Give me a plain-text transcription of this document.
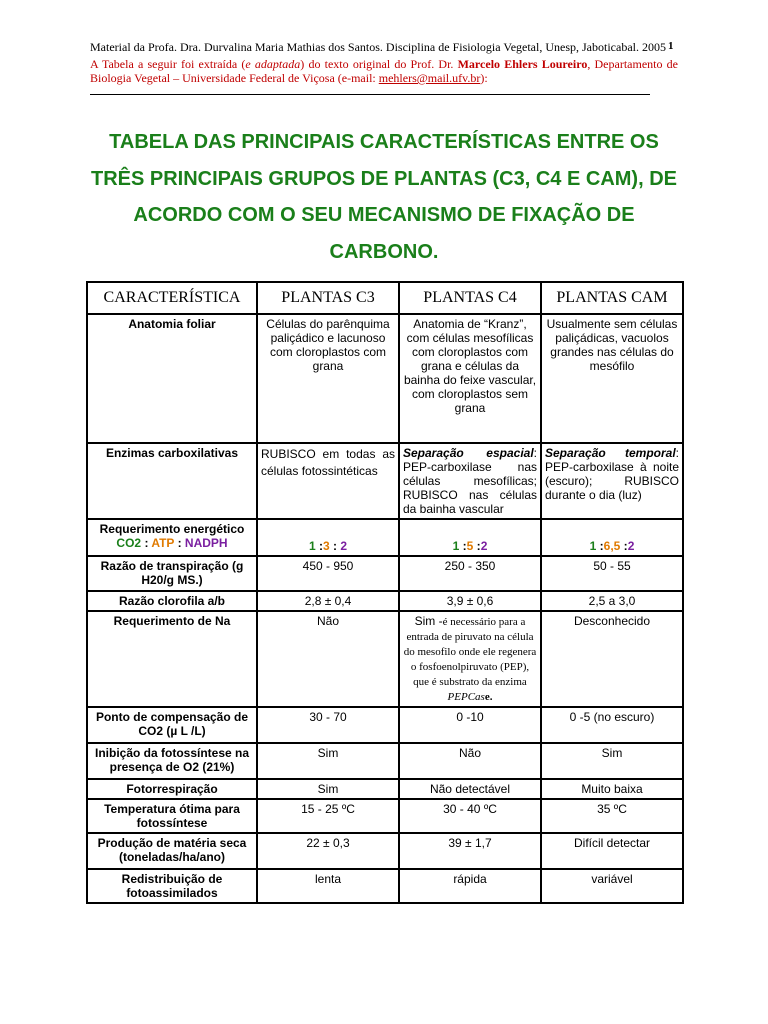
Material da Profa. Dra. Durvalina Maria Mathias dos Santos. Disciplina de Fisiologia Vegetal, Unesp, Jaboticabal. 2005 1
A Tabela a seguir foi extraída (e adaptada) do texto original do Prof. Dr. Marcelo Ehlers Loureiro, Departamento de Biologia Vegetal – Universidade Federal de Viçosa (e-mail: mehlers@mail.ufv.br):
TABELA DAS PRINCIPAIS CARACTERÍSTICAS ENTRE OS TRÊS PRINCIPAIS GRUPOS DE PLANTAS (C3, C4 E CAM), DE ACORDO COM O SEU MECANISMO DE FIXAÇÃO DE CARBONO.
CARACTERÍSTICA	PLANTAS C3	PLANTAS C4	PLANTAS CAM
Anatomia foliar	Células do parênquima paliçádico e lacunoso com cloroplastos com grana	Anatomia de “Kranz”, com células mesofílicas com cloroplastos com grana e células da bainha do feixe vascular, com cloroplastos sem grana	Usualmente sem células paliçádicas, vacuolos grandes nas células do mesófilo
Enzimas carboxilativas	RUBISCO em todas as células fotossintéticas	Separação espacial: PEP-carboxilase nas células mesofílicas; RUBISCO nas células da bainha vascular	Separação temporal: PEP-carboxilase à noite (escuro); RUBISCO durante o dia (luz)

Requerimento energético
CO2 : ATP : NADPH	1 :3 : 2	1 :5 :2	1 :6,5 :2
Razão de transpiração (g H20/g MS.)	450 - 950	250 - 350	50 - 55
Razão clorofila a/b	2,8 ± 0,4	3,9 ± 0,6	2,5 a 3,0
Requerimento de Na	Não	Sim -é necessário para a entrada de piruvato na célula do mesofilo onde ele regenera o fosfoenolpiruvato (PEP), que é substrato da enzima PEPCase.	Desconhecido
Ponto de compensação de CO2 (µ L /L)	30 - 70	0 -10	0 -5 (no escuro)
Inibição da fotossíntese na presença de O2 (21%)	Sim	Não	Sim
Fotorrespiração	Sim	Não detectável	Muito baixa
Temperatura ótima para fotossíntese	15 - 25 ºC	30 - 40 ºC	35 ºC
Produção de matéria seca (toneladas/ha/ano)	22 ± 0,3	39 ± 1,7	Difícil detectar
Redistribuição de fotoassimilados	lenta	rápida	variável
